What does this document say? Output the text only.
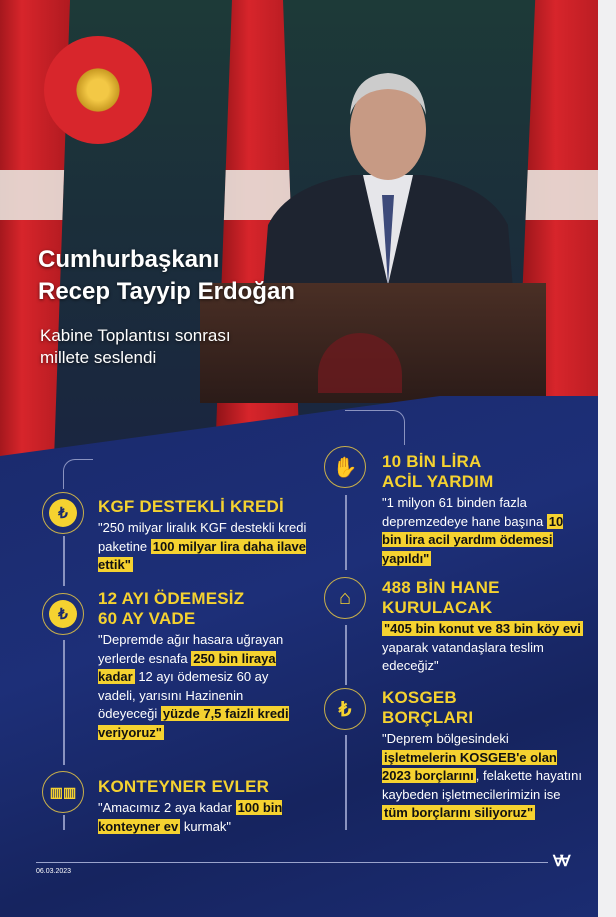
Cumhurbaşkanı
Recep Tayyip Erdoğan
Kabine Toplantısı sonrası
millete seslendi
₺
₺
▥▥
✋
⌂
₺
KGF DESTEKLİ KREDİ
"250 milyar liralık KGF destekli kredi paketine 100 milyar lira daha ilave ettik"
12 AYI ÖDEMESİZ
60 AY VADE
"Depremde ağır hasara uğrayan yerlerde esnafa 250 bin liraya kadar 12 ayı ödemesiz 60 ay vadeli, yarısını Hazinenin ödeyeceği yüzde 7,5 faizli kredi veriyoruz"
KONTEYNER EVLER
"Amacımız 2 aya kadar 100 bin konteyner ev kurmak"
10 BİN LİRA
ACİL YARDIM
"1 milyon 61 binden fazla depremzedeye hane başına 10 bin lira acil yardım ödemesi yapıldı"
488 BİN HANE
KURULACAK
"405 bin konut ve 83 bin köy evi yaparak vatandaşlara teslim edeceğiz"
KOSGEB
BORÇLARI
"Deprem bölgesindeki işletmelerin KOSGEB'e olan 2023 borçlarını , felakette hayatını kaybeden işletmecilerimizin ise tüm borçlarını siliyoruz"
06.03.2023
ⱯⱯ
